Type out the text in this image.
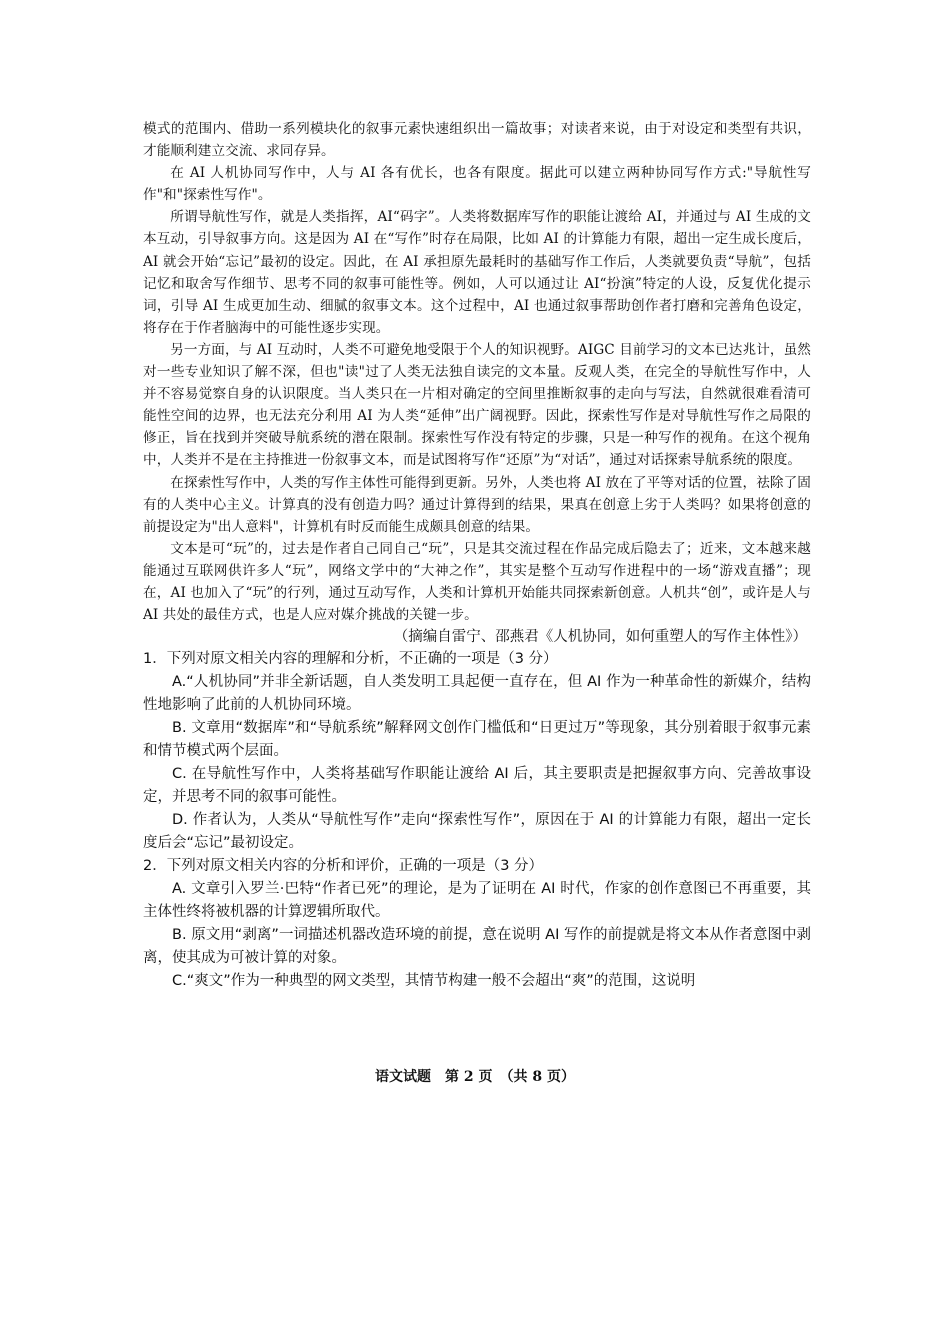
模式的范围内、借助一系列模块化的叙事元素快速组织出一篇故事；对读者来说，由于对设定和类型有共识，才能顺利建立交流、求同存异。

在 AI 人机协同写作中，人与 AI 各有优长，也各有限度。据此可以建立两种协同写作方式:"导航性写作"和"探索性写作"。

所谓导航性写作，就是人类指挥，AI“码字”。人类将数据库写作的职能让渡给 AI，并通过与 AI 生成的文本互动，引导叙事方向。这是因为 AI 在“写作”时存在局限，比如 AI 的计算能力有限，超出一定生成长度后，AI 就会开始“忘记”最初的设定。因此，在 AI 承担原先最耗时的基础写作工作后，人类就要负责“导航”，包括记忆和取舍写作细节、思考不同的叙事可能性等。例如，人可以通过让 AI“扮演”特定的人设，反复优化提示词，引导 AI 生成更加生动、细腻的叙事文本。这个过程中，AI 也通过叙事帮助创作者打磨和完善角色设定，将存在于作者脑海中的可能性逐步实现。

另一方面，与 AI 互动时，人类不可避免地受限于个人的知识视野。AIGC 目前学习的文本已达兆计，虽然对一些专业知识了解不深，但也"读"过了人类无法独自读完的文本量。反观人类，在完全的导航性写作中，人并不容易觉察自身的认识限度。当人类只在一片相对确定的空间里推断叙事的走向与写法，自然就很难看清可能性空间的边界，也无法充分利用 AI 为人类“延伸”出广阔视野。因此，探索性写作是对导航性写作之局限的修正，旨在找到并突破导航系统的潜在限制。探索性写作没有特定的步骤，只是一种写作的视角。在这个视角中，人类并不是在主持推进一份叙事文本，而是试图将写作“还原”为“对话”，通过对话探索导航系统的限度。

在探索性写作中，人类的写作主体性可能得到更新。另外，人类也将 AI 放在了平等对话的位置，祛除了固有的人类中心主义。计算真的没有创造力吗？通过计算得到的结果，果真在创意上劣于人类吗？如果将创意的前提设定为"出人意料"，计算机有时反而能生成颇具创意的结果。

文本是可“玩”的，过去是作者自己同自己“玩”，只是其交流过程在作品完成后隐去了；近来，文本越来越能通过互联网供许多人“玩”，网络文学中的“大神之作”，其实是整个互动写作进程中的一场“游戏直播”；现在，AI 也加入了“玩”的行列，通过互动写作，人类和计算机开始能共同探索新创意。人机共“创”，或许是人与 AI 共处的最佳方式，也是人应对媒介挑战的关键一步。

（摘编自雷宁、邵燕君《人机协同，如何重塑人的写作主体性》）

1．下列对原文相关内容的理解和分析，不正确的一项是（3 分）

A.“人机协同”并非全新话题，自人类发明工具起便一直存在，但 AI 作为一种革命性的新媒介，结构性地影响了此前的人机协同环境。

B. 文章用“数据库”和“导航系统”解释网文创作门槛低和“日更过万”等现象，其分别着眼于叙事元素和情节模式两个层面。

C. 在导航性写作中，人类将基础写作职能让渡给 AI 后，其主要职责是把握叙事方向、完善故事设定，并思考不同的叙事可能性。

D. 作者认为，人类从“导航性写作”走向“探索性写作”，原因在于 AI 的计算能力有限，超出一定长度后会“忘记”最初设定。

2．下列对原文相关内容的分析和评价，正确的一项是（3 分）

A. 文章引入罗兰·巴特“作者已死”的理论，是为了证明在 AI 时代，作家的创作意图已不再重要，其主体性终将被机器的计算逻辑所取代。

B. 原文用“剥离”一词描述机器改造环境的前提，意在说明 AI 写作的前提就是将文本从作者意图中剥离，使其成为可被计算的对象。

C.“爽文”作为一种典型的网文类型，其情节构建一般不会超出“爽”的范围，这说明

语文试题　第 2 页　（共 8 页）
